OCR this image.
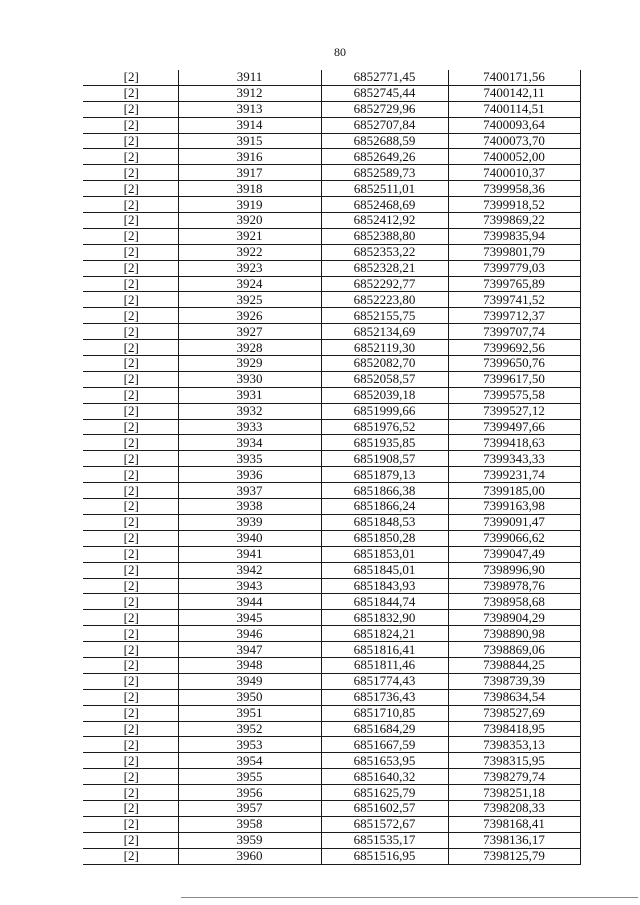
80
[2]	3911	6852771,45	7400171,56
[2]	3912	6852745,44	7400142,11
[2]	3913	6852729,96	7400114,51
[2]	3914	6852707,84	7400093,64
[2]	3915	6852688,59	7400073,70
[2]	3916	6852649,26	7400052,00
[2]	3917	6852589,73	7400010,37
[2]	3918	6852511,01	7399958,36
[2]	3919	6852468,69	7399918,52
[2]	3920	6852412,92	7399869,22
[2]	3921	6852388,80	7399835,94
[2]	3922	6852353,22	7399801,79
[2]	3923	6852328,21	7399779,03
[2]	3924	6852292,77	7399765,89
[2]	3925	6852223,80	7399741,52
[2]	3926	6852155,75	7399712,37
[2]	3927	6852134,69	7399707,74
[2]	3928	6852119,30	7399692,56
[2]	3929	6852082,70	7399650,76
[2]	3930	6852058,57	7399617,50
[2]	3931	6852039,18	7399575,58
[2]	3932	6851999,66	7399527,12
[2]	3933	6851976,52	7399497,66
[2]	3934	6851935,85	7399418,63
[2]	3935	6851908,57	7399343,33
[2]	3936	6851879,13	7399231,74
[2]	3937	6851866,38	7399185,00
[2]	3938	6851866,24	7399163,98
[2]	3939	6851848,53	7399091,47
[2]	3940	6851850,28	7399066,62
[2]	3941	6851853,01	7399047,49
[2]	3942	6851845,01	7398996,90
[2]	3943	6851843,93	7398978,76
[2]	3944	6851844,74	7398958,68
[2]	3945	6851832,90	7398904,29
[2]	3946	6851824,21	7398890,98
[2]	3947	6851816,41	7398869,06
[2]	3948	6851811,46	7398844,25
[2]	3949	6851774,43	7398739,39
[2]	3950	6851736,43	7398634,54
[2]	3951	6851710,85	7398527,69
[2]	3952	6851684,29	7398418,95
[2]	3953	6851667,59	7398353,13
[2]	3954	6851653,95	7398315,95
[2]	3955	6851640,32	7398279,74
[2]	3956	6851625,79	7398251,18
[2]	3957	6851602,57	7398208,33
[2]	3958	6851572,67	7398168,41
[2]	3959	6851535,17	7398136,17
[2]	3960	6851516,95	7398125,79
